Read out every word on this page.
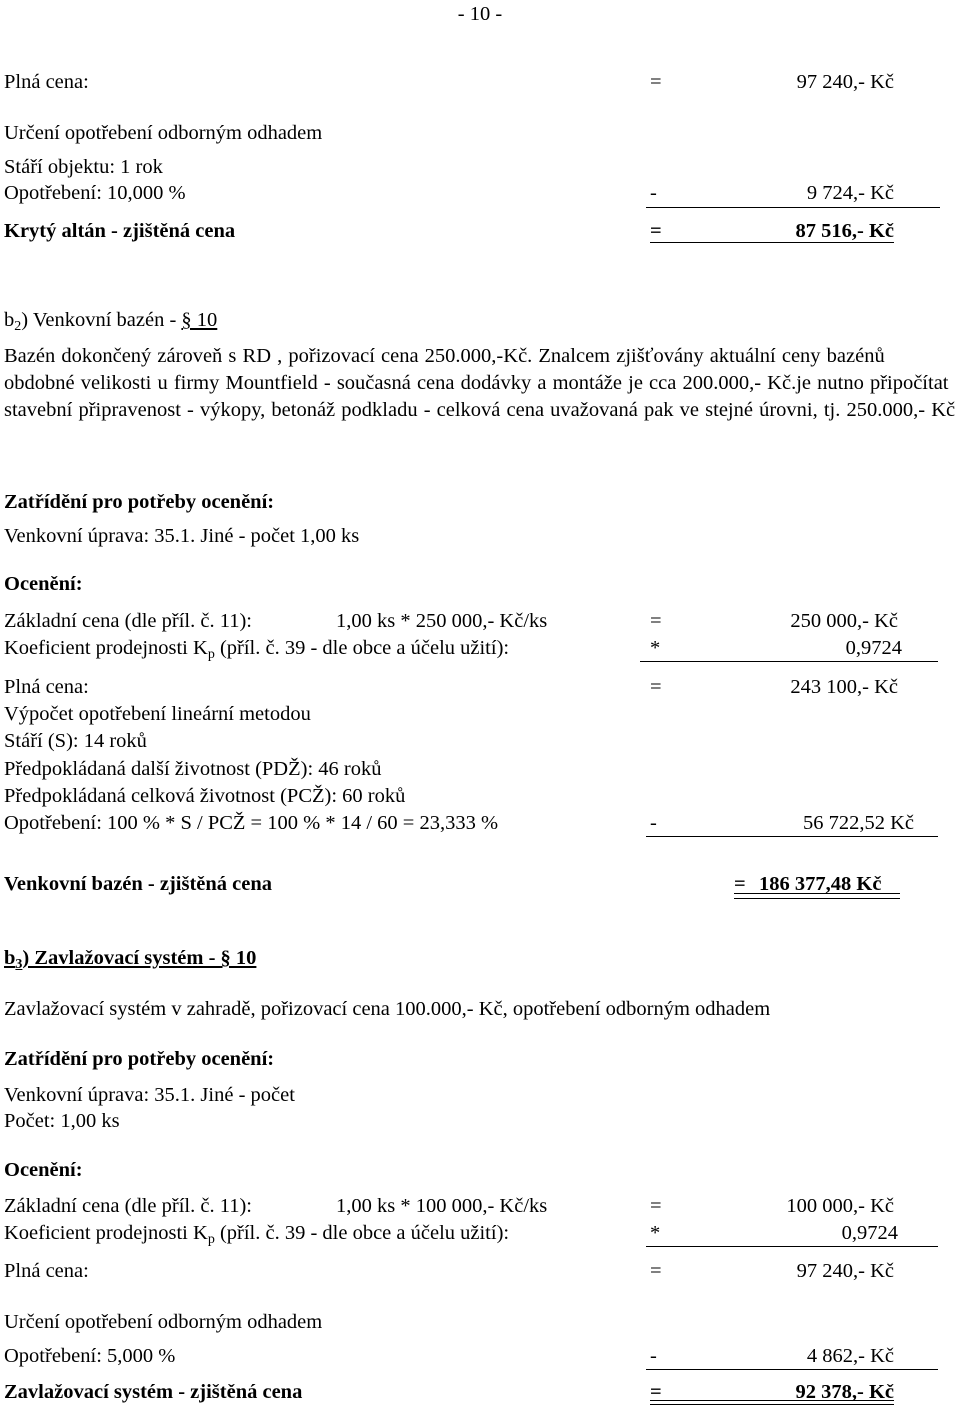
- 10 -
Plná cena:	=	97 240,- Kč
Určení opotřebení odborným odhadem
Stáří objektu: 1 rok
Opotřebení: 10,000 %	-	9 724,- Kč
Krytý altán - zjištěná cena	=	87 516,- Kč
$b_2$) Venkovní bazén - § 10
Bazén dokončený zároveň s RD , pořizovací cena 250.000,-Kč. Znalcem zjišťovány aktuální ceny bazénů obdobné velikosti u firmy Mountfield - současná cena dodávky a montáže je cca 200.000,- Kč.je nutno připočítat stavební připravenost - výkopy, betonáž podkladu - celková cena uvažovaná pak ve stejné úrovni, tj. 250.000,- Kč
Zatřídění pro potřeby ocenění:
Venkovní úprava: 35.1. Jiné - počet 1,00 ks
Ocenění:
Základní cena (dle příl. č. 11):	1,00 ks * 250 000,- Kč/ks	=	250 000,- Kč
Koeficient prodejnosti $K_p$ (příl. č. 39 - dle obce a účelu užití):	*	0,9724
Plná cena:	=	243 100,- Kč
Výpočet opotřebení lineární metodou
Stáří (S): 14 roků
Předpokládaná další životnost (PDŽ): 46 roků
Předpokládaná celková životnost (PCŽ): 60 roků
Opotřebení: 100 % * S / PCŽ = 100 % * 14 / 60 = 23,333 %	-	56 722,52 Kč
Venkovní bazén - zjištěná cena	= 186 377,48 Kč
$b_3$) Zavlažovací systém - § 10
Zavlažovací systém v zahradě, pořizovací cena 100.000,- Kč, opotřebení odborným odhadem
Zatřídění pro potřeby ocenění:
Venkovní úprava: 35.1. Jiné - počet
Počet: 1,00 ks
Ocenění:
Základní cena (dle příl. č. 11):	1,00 ks * 100 000,- Kč/ks	=	100 000,- Kč
Koeficient prodejnosti $K_p$ (příl. č. 39 - dle obce a účelu užití):	*	0,9724
Plná cena:	=	97 240,- Kč
Určení opotřebení odborným odhadem
Opotřebení: 5,000 %	-	4 862,- Kč
Zavlažovací systém - zjištěná cena	=	92 378,- Kč
